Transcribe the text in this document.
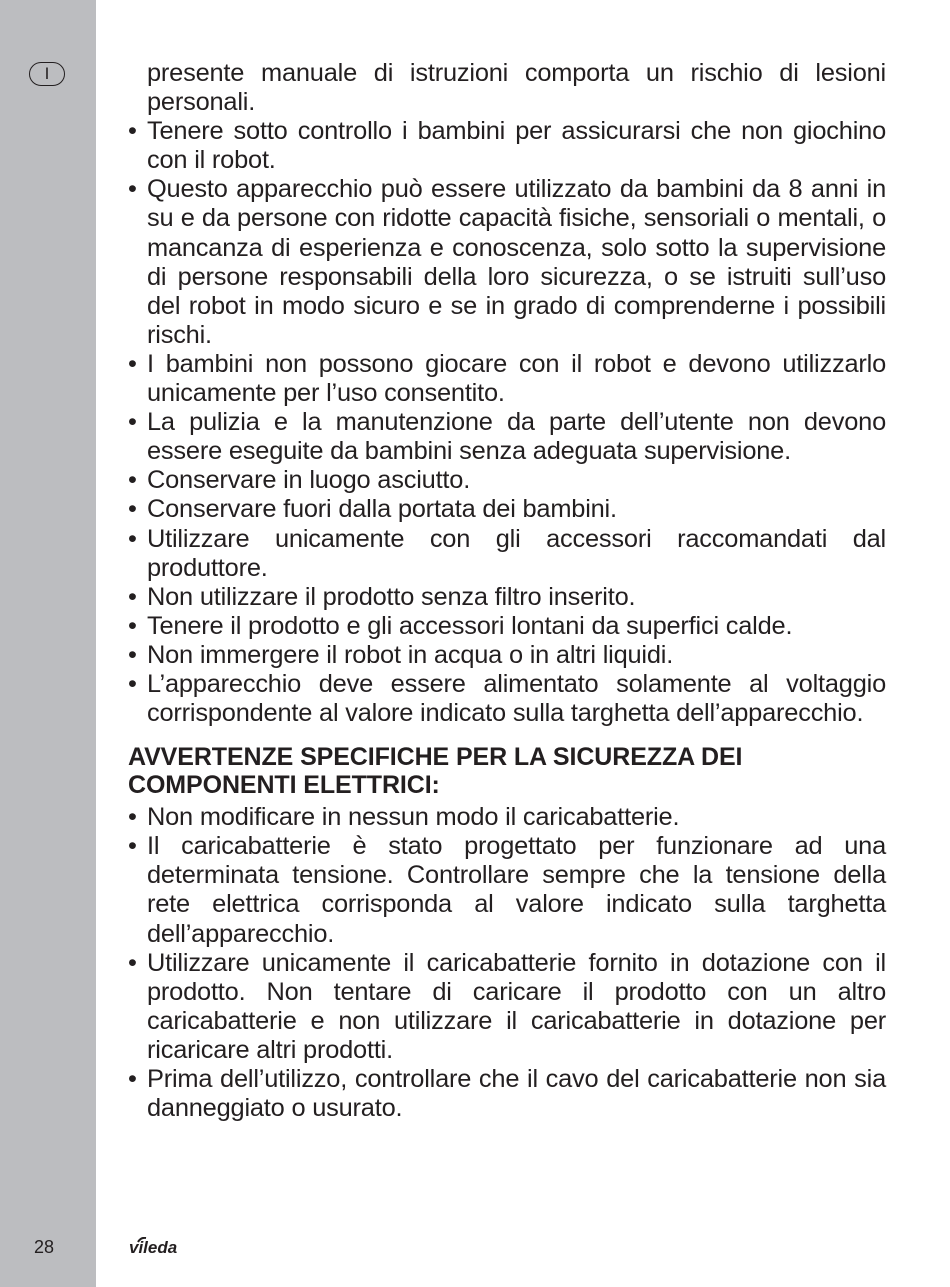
I
28
presente manuale di istruzioni comporta un rischio di lesioni personali.
• Tenere sotto controllo i bambini per assicurarsi che non giochino con il robot.
• Questo apparecchio può essere utilizzato da bambini da 8 anni in su e da persone con ridotte capacità fisiche, sensoriali o mentali, o mancanza di esperienza e conoscenza, solo sotto la supervisione di persone responsabili della loro sicurezza, o se istruiti sull’uso del robot in modo sicuro e se in grado di comprenderne i possibili rischi.
• I bambini non possono giocare con il robot e devono utilizzarlo unicamente per l’uso consentito.
• La pulizia e la manutenzione da parte dell’utente non devono essere eseguite da bambini senza adeguata supervisione.
• Conservare in luogo asciutto.
• Conservare fuori dalla portata dei bambini.
• Utilizzare unicamente con gli accessori raccomandati dal produttore.
• Non utilizzare il prodotto senza filtro inserito.
• Tenere il prodotto e gli accessori lontani da superfici calde.
• Non immergere il robot in acqua o in altri liquidi.
• L’apparecchio deve essere alimentato solamente al voltaggio corrispondente al valore indicato sulla targhetta dell’apparecchio.
AVVERTENZE SPECIFICHE PER LA SICUREZZA DEI COMPONENTI ELETTRICI:
• Non modificare in nessun modo il caricabatterie.
• Il caricabatterie è stato progettato per funzionare ad una determinata tensione. Controllare sempre che la tensione della rete elettrica corrisponda al valore indicato sulla targhetta dell’apparecchio.
• Utilizzare unicamente il caricabatterie fornito in dotazione con il prodotto. Non tentare di caricare il prodotto con un altro caricabatterie e non utilizzare il caricabatterie in dotazione per ricaricare altri prodotti.
• Prima dell’utilizzo, controllare che il cavo del caricabatterie non sia danneggiato o usurato.
vileda
